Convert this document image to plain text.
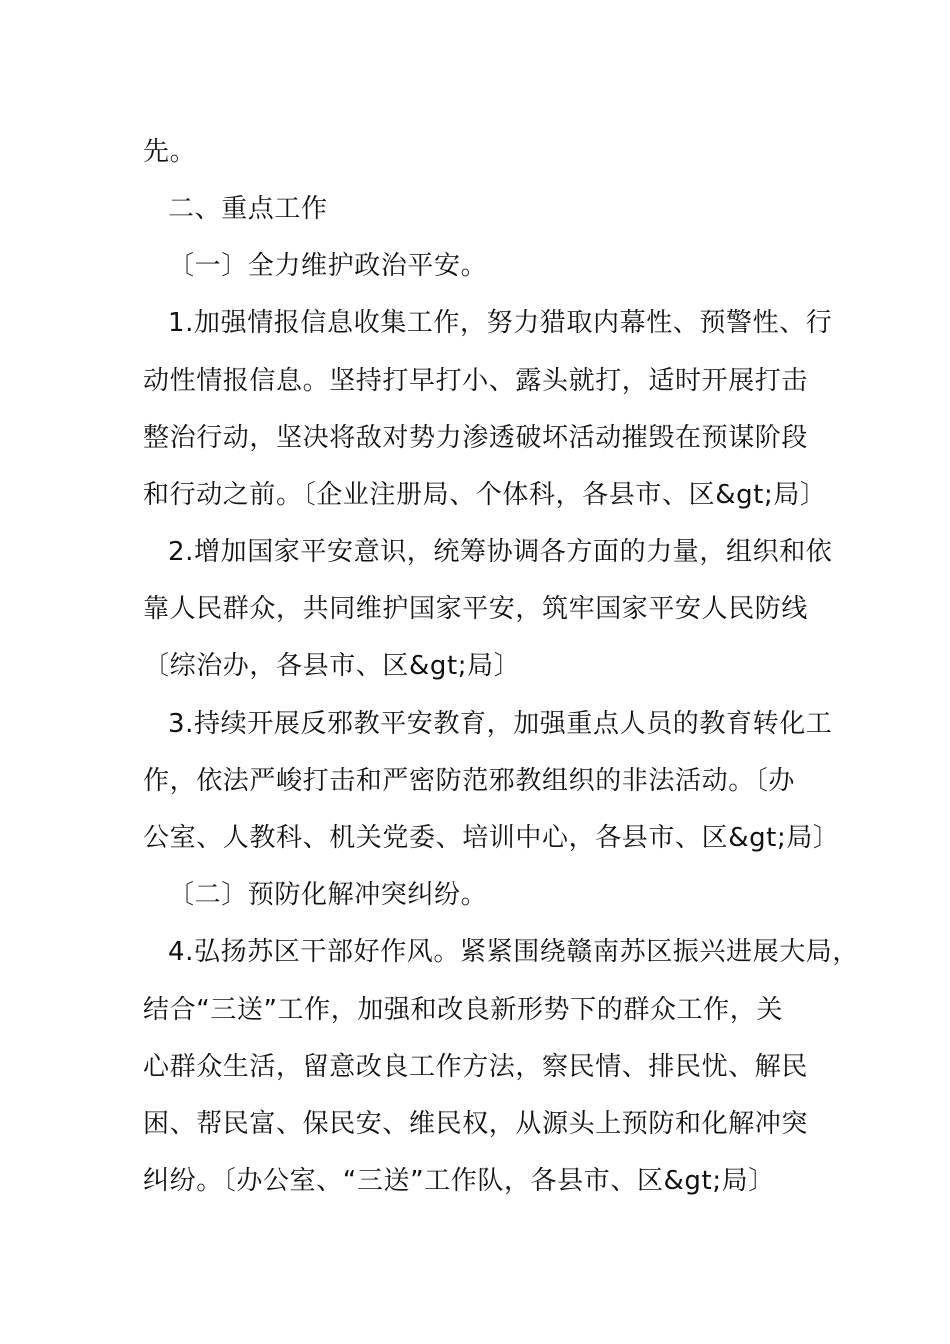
先。
二、重点工作
〔一〕全力维护政治平安。
1.加强情报信息收集工作，努力猎取内幕性、预警性、行
动性情报信息。坚持打早打小、露头就打，适时开展打击
整治行动，坚决将敌对势力渗透破坏活动摧毁在预谋阶段
和行动之前。〔企业注册局、个体科，各县市、区&gt;局〕
2.增加国家平安意识，统筹协调各方面的力量，组织和依
靠人民群众，共同维护国家平安，筑牢国家平安人民防线
〔综治办，各县市、区&gt;局〕
3.持续开展反邪教平安教育，加强重点人员的教育转化工
作，依法严峻打击和严密防范邪教组织的非法活动。〔办
公室、人教科、机关党委、培训中心，各县市、区&gt;局〕
〔二〕预防化解冲突纠纷。
4.弘扬苏区干部好作风。紧紧围绕赣南苏区振兴进展大局，
结合“三送”工作，加强和改良新形势下的群众工作，关
心群众生活，留意改良工作方法，察民情、排民忧、解民
困、帮民富、保民安、维民权，从源头上预防和化解冲突
纠纷。〔办公室、“三送”工作队，各县市、区&gt;局〕
